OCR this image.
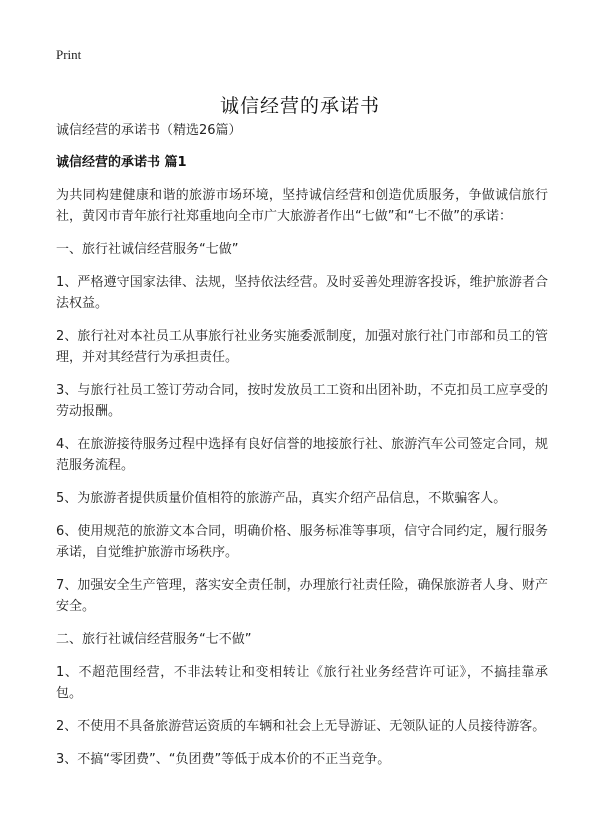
Print
诚信经营的承诺书
诚信经营的承诺书（精选26篇）
诚信经营的承诺书 篇1

为共同构建健康和谐的旅游市场环境，坚持诚信经营和创造优质服务，争做诚信旅行社，黄冈市青年旅行社郑重地向全市广大旅游者作出“七做”和“七不做”的承诺：

一、旅行社诚信经营服务“七做”

1、严格遵守国家法律、法规，坚持依法经营。及时妥善处理游客投诉，维护旅游者合法权益。

2、旅行社对本社员工从事旅行社业务实施委派制度，加强对旅行社门市部和员工的管理，并对其经营行为承担责任。

3、与旅行社员工签订劳动合同，按时发放员工工资和出团补助，不克扣员工应享受的劳动报酬。

4、在旅游接待服务过程中选择有良好信誉的地接旅行社、旅游汽车公司签定合同，规范服务流程。

5、为旅游者提供质量价值相符的旅游产品，真实介绍产品信息，不欺骗客人。

6、使用规范的旅游文本合同，明确价格、服务标准等事项，信守合同约定，履行服务承诺，自觉维护旅游市场秩序。

7、加强安全生产管理，落实安全责任制，办理旅行社责任险，确保旅游者人身、财产安全。

二、旅行社诚信经营服务“七不做”

1、不超范围经营，不非法转让和变相转让《旅行社业务经营许可证》，不搞挂靠承包。

2、不使用不具备旅游营运资质的车辆和社会上无导游证、无领队证的人员接待游客。

3、不搞“零团费”、“负团费”等低于成本价的不正当竞争。
